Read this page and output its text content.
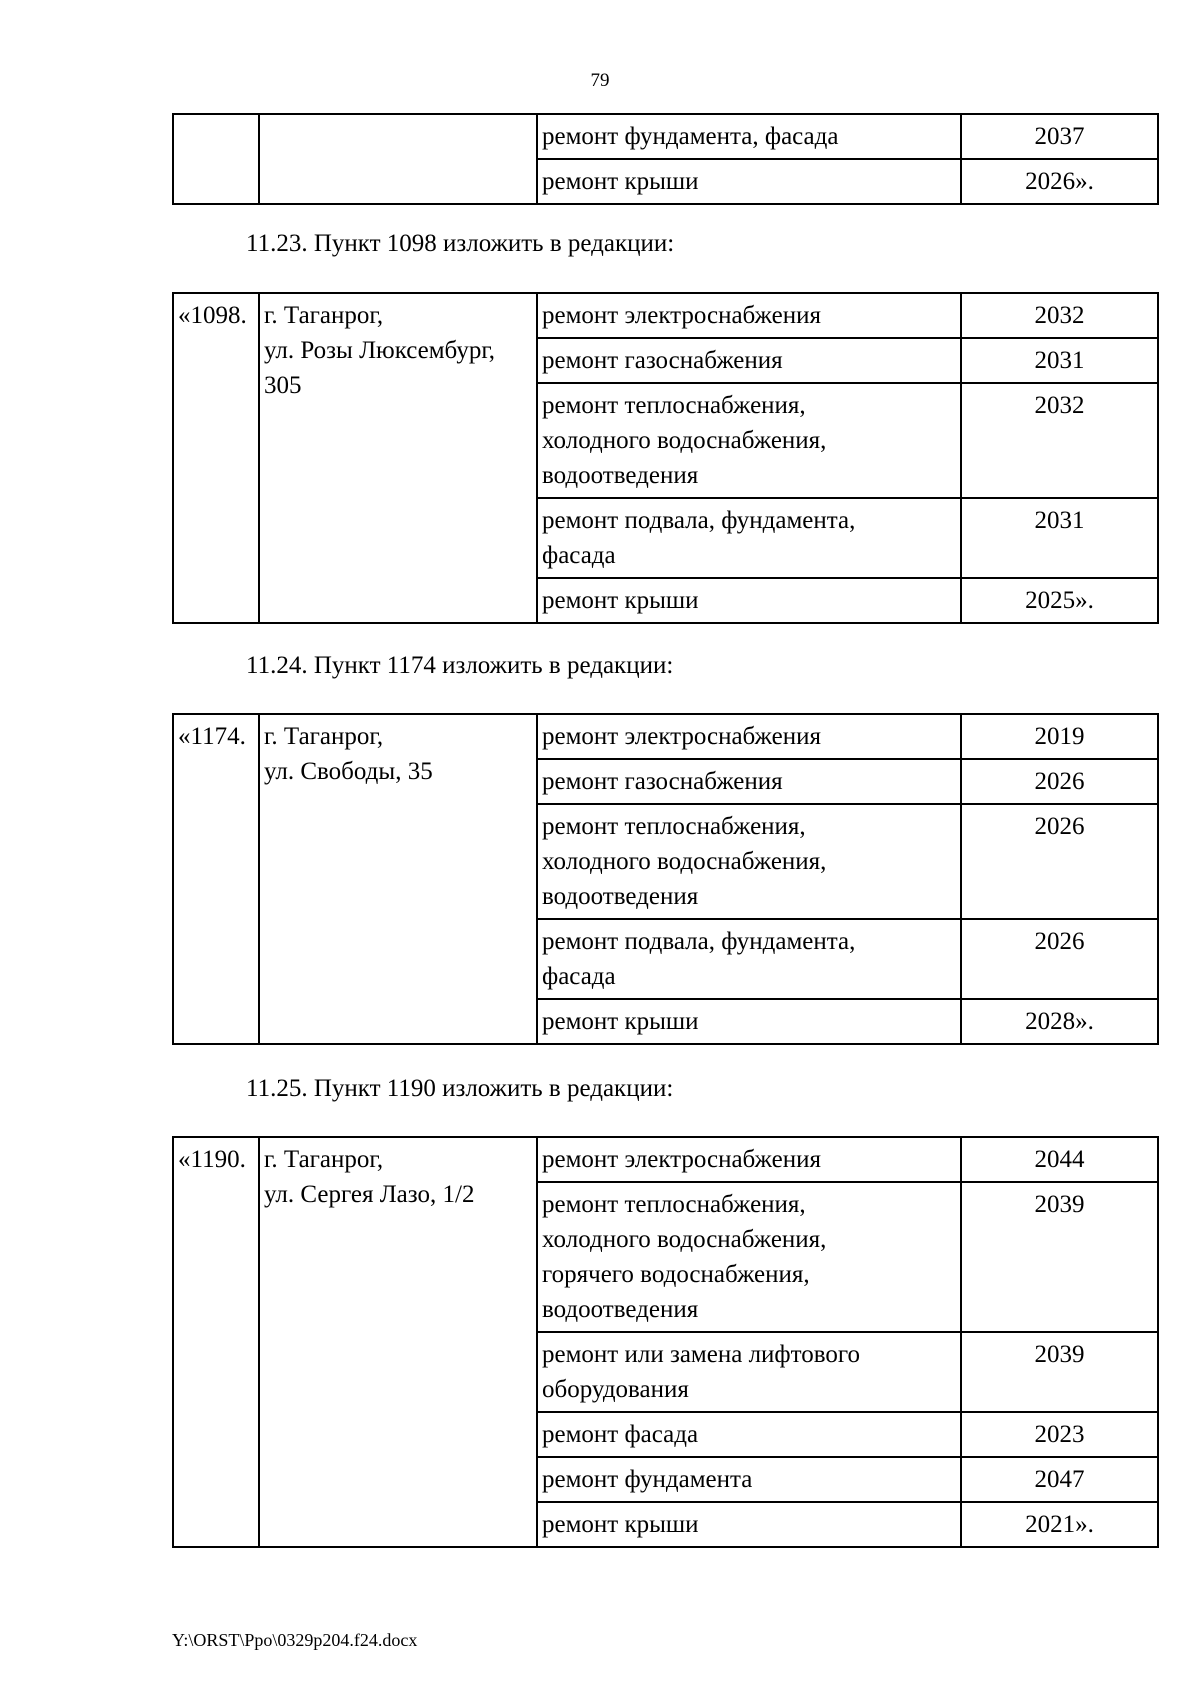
79
		ремонт фундамента, фасада	2037
		ремонт крыши	2026».
11.23. Пункт 1098 изложить в редакции:
«1098.	г. Таганрог,
ул. Розы Люксембург,
305	ремонт электроснабжения	2032
		ремонт газоснабжения	2031
		ремонт теплоснабжения,
холодного водоснабжения,
водоотведения	2032
		ремонт подвала, фундамента,
фасада	2031
		ремонт крыши	2025».
11.24. Пункт 1174 изложить в редакции:
«1174.	г. Таганрог,
ул. Свободы, 35	ремонт электроснабжения	2019
		ремонт газоснабжения	2026
		ремонт теплоснабжения,
холодного водоснабжения,
водоотведения	2026
		ремонт подвала, фундамента,
фасада	2026
		ремонт крыши	2028».
11.25. Пункт 1190 изложить в редакции:
«1190.	г. Таганрог,
ул. Сергея Лазо, 1/2	ремонт электроснабжения	2044
		ремонт теплоснабжения,
холодного водоснабжения,
горячего водоснабжения,
водоотведения	2039
		ремонт или замена лифтового
оборудования	2039
		ремонт фасада	2023
		ремонт фундамента	2047
		ремонт крыши	2021».
Y:\ORST\Ppo\0329p204.f24.docx
